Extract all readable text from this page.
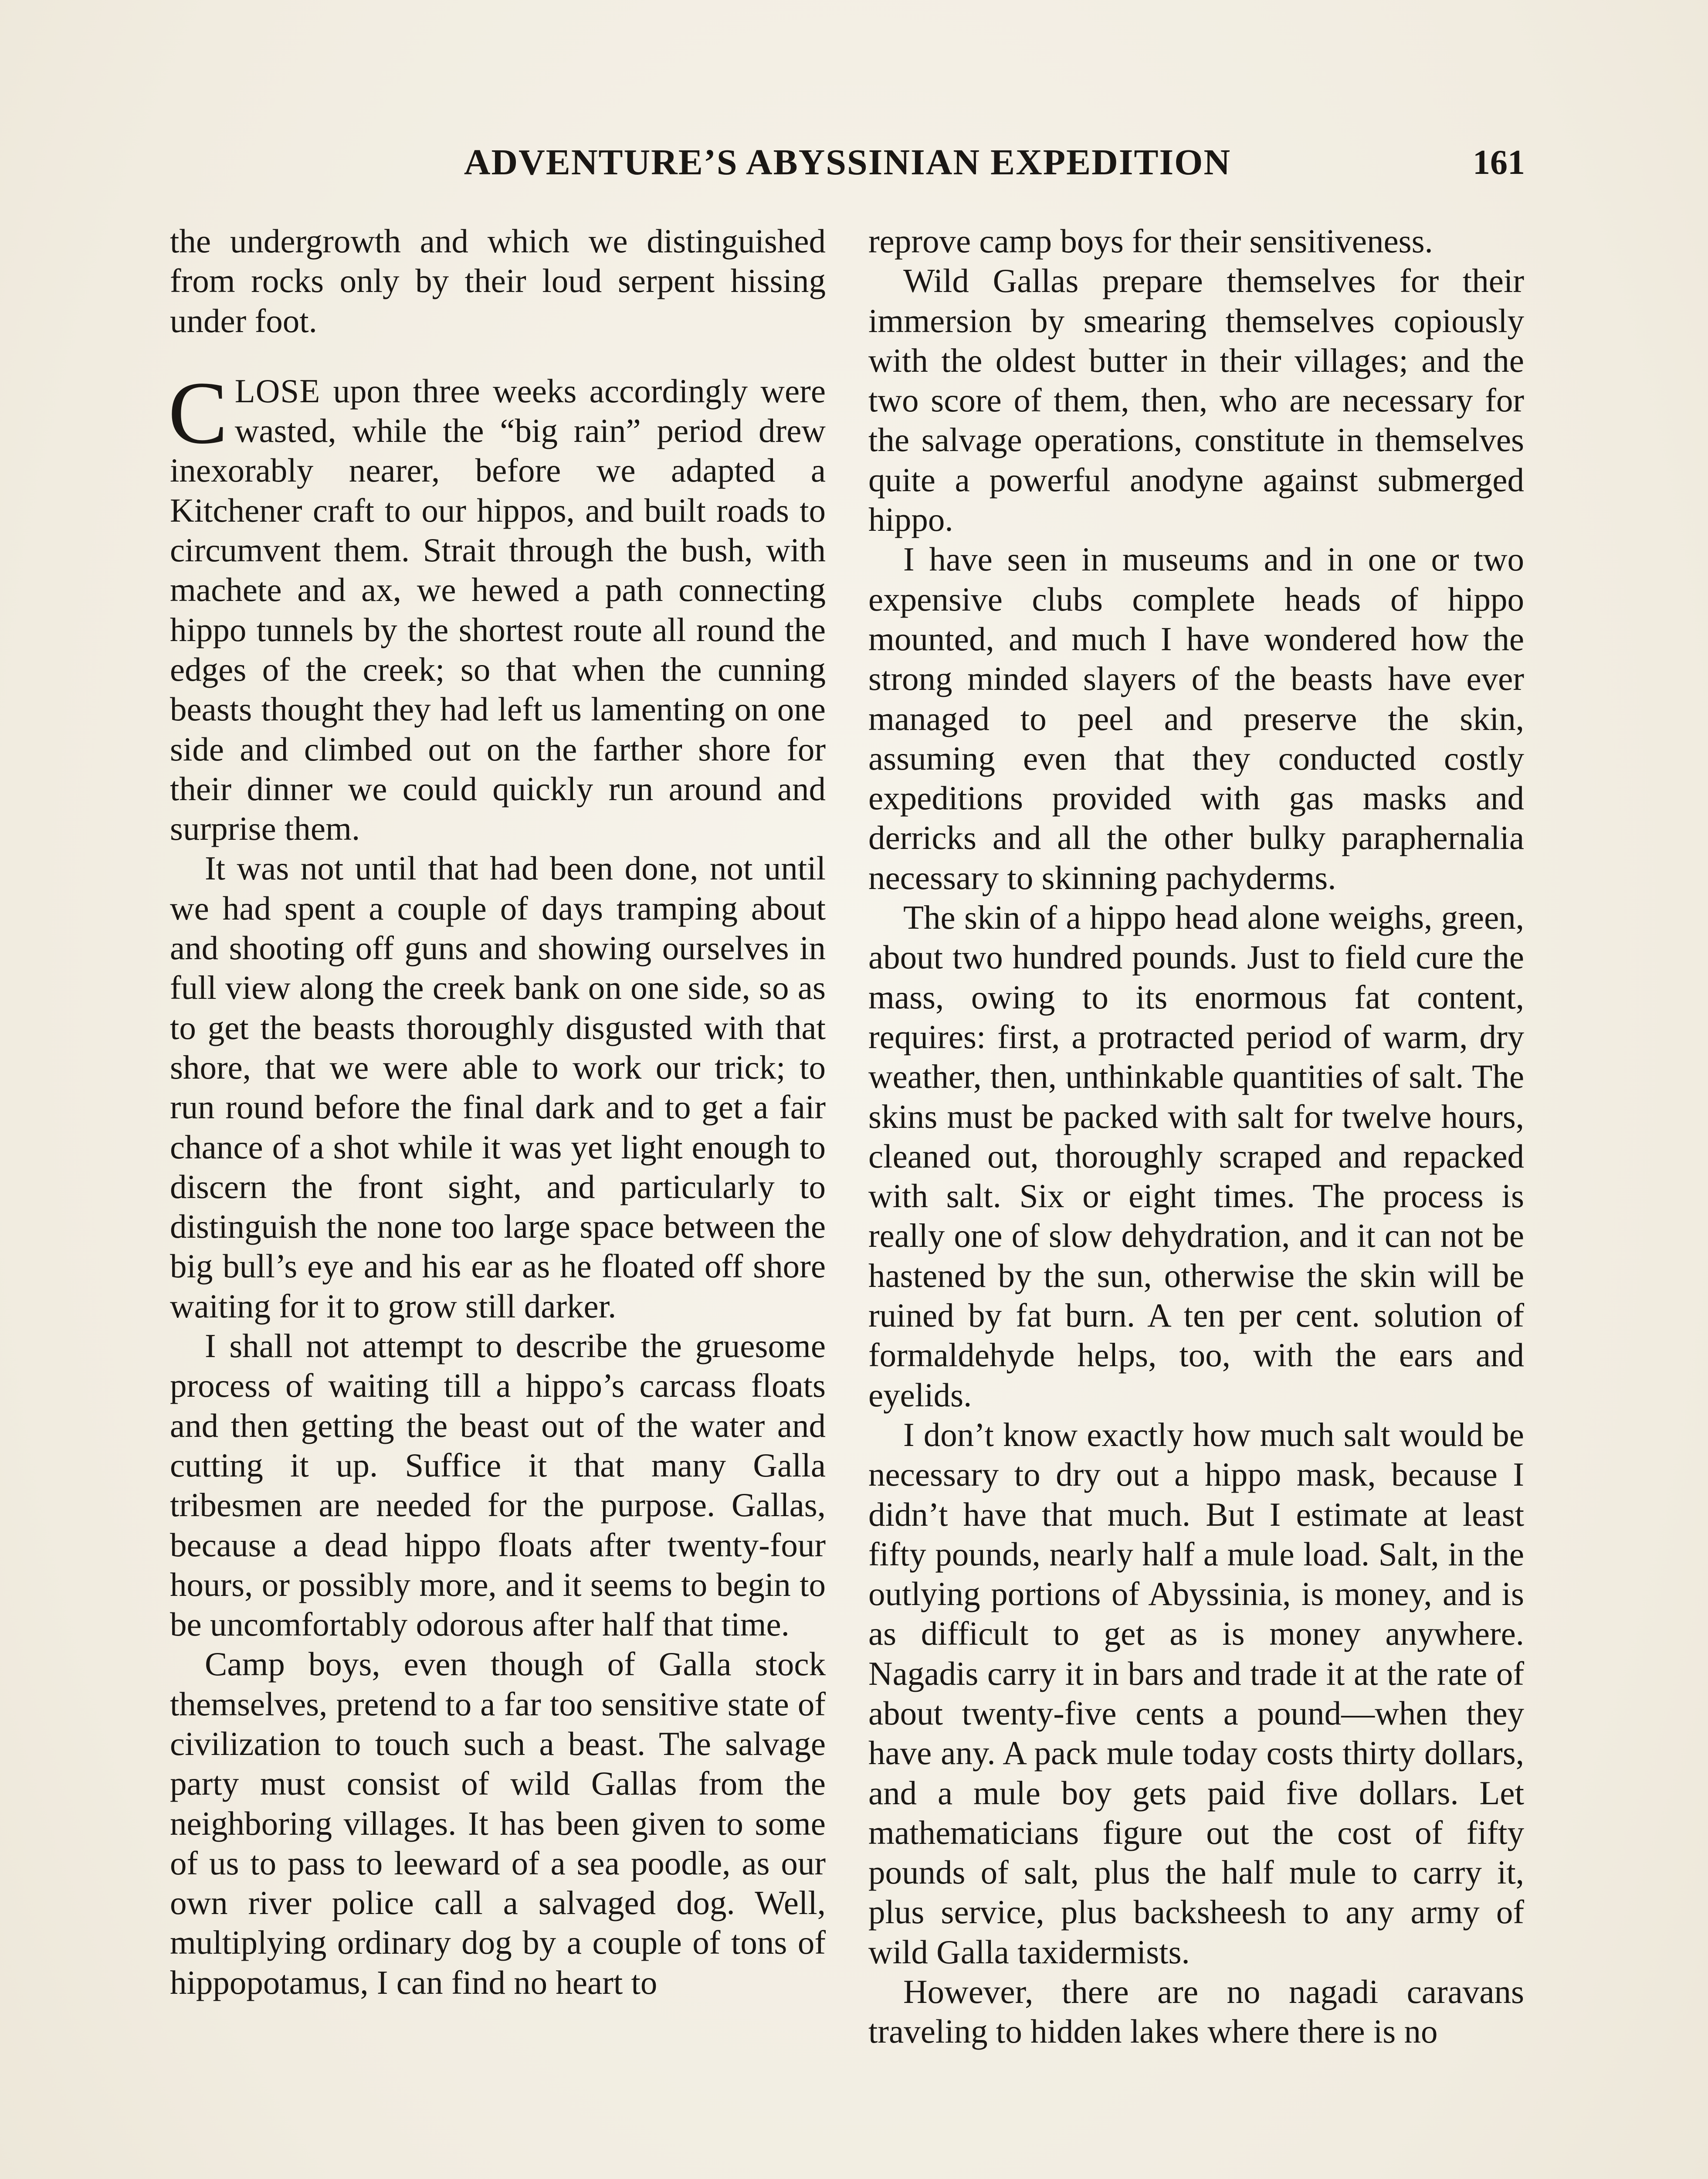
ADVENTURE’S ABYSSINIAN EXPEDITION	161

the undergrowth and which we distinguished from rocks only by their loud serpent hissing under foot.

CLOSE upon three weeks accordingly were wasted, while the “big rain” period drew inexorably nearer, before we adapted a Kitchener craft to our hippos, and built roads to circumvent them. Strait through the bush, with machete and ax, we hewed a path connecting hippo tunnels by the shortest route all round the edges of the creek; so that when the cunning beasts thought they had left us lamenting on one side and climbed out on the farther shore for their dinner we could quickly run around and surprise them.

It was not until that had been done, not until we had spent a couple of days tramping about and shooting off guns and showing ourselves in full view along the creek bank on one side, so as to get the beasts thoroughly disgusted with that shore, that we were able to work our trick; to run round before the final dark and to get a fair chance of a shot while it was yet light enough to discern the front sight, and particularly to distinguish the none too large space between the big bull’s eye and his ear as he floated off shore waiting for it to grow still darker.

I shall not attempt to describe the gruesome process of waiting till a hippo’s carcass floats and then getting the beast out of the water and cutting it up. Suffice it that many Galla tribesmen are needed for the purpose. Gallas, because a dead hippo floats after twenty-four hours, or possibly more, and it seems to begin to be uncomfortably odorous after half that time.

Camp boys, even though of Galla stock themselves, pretend to a far too sensitive state of civilization to touch such a beast. The salvage party must consist of wild Gallas from the neighboring villages. It has been given to some of us to pass to leeward of a sea poodle, as our own river police call a salvaged dog. Well, multiplying ordinary dog by a couple of tons of hippopotamus, I can find no heart to

reprove camp boys for their sensitiveness.

Wild Gallas prepare themselves for their immersion by smearing themselves copiously with the oldest butter in their villages; and the two score of them, then, who are necessary for the salvage operations, constitute in themselves quite a powerful anodyne against submerged hippo.

I have seen in museums and in one or two expensive clubs complete heads of hippo mounted, and much I have wondered how the strong minded slayers of the beasts have ever managed to peel and preserve the skin, assuming even that they conducted costly expeditions provided with gas masks and derricks and all the other bulky paraphernalia necessary to skinning pachyderms.

The skin of a hippo head alone weighs, green, about two hundred pounds. Just to field cure the mass, owing to its enormous fat content, requires: first, a protracted period of warm, dry weather, then, unthinkable quantities of salt. The skins must be packed with salt for twelve hours, cleaned out, thoroughly scraped and repacked with salt. Six or eight times. The process is really one of slow dehydration, and it can not be hastened by the sun, otherwise the skin will be ruined by fat burn. A ten per cent. solution of formaldehyde helps, too, with the ears and eyelids.

I don’t know exactly how much salt would be necessary to dry out a hippo mask, because I didn’t have that much. But I estimate at least fifty pounds, nearly half a mule load. Salt, in the outlying portions of Abyssinia, is money, and is as difficult to get as is money anywhere. Nagadis carry it in bars and trade it at the rate of about twenty-five cents a pound—when they have any. A pack mule today costs thirty dollars, and a mule boy gets paid five dollars. Let mathematicians figure out the cost of fifty pounds of salt, plus the half mule to carry it, plus service, plus backsheesh to any army of wild Galla taxidermists.

However, there are no nagadi caravans traveling to hidden lakes where there is no
